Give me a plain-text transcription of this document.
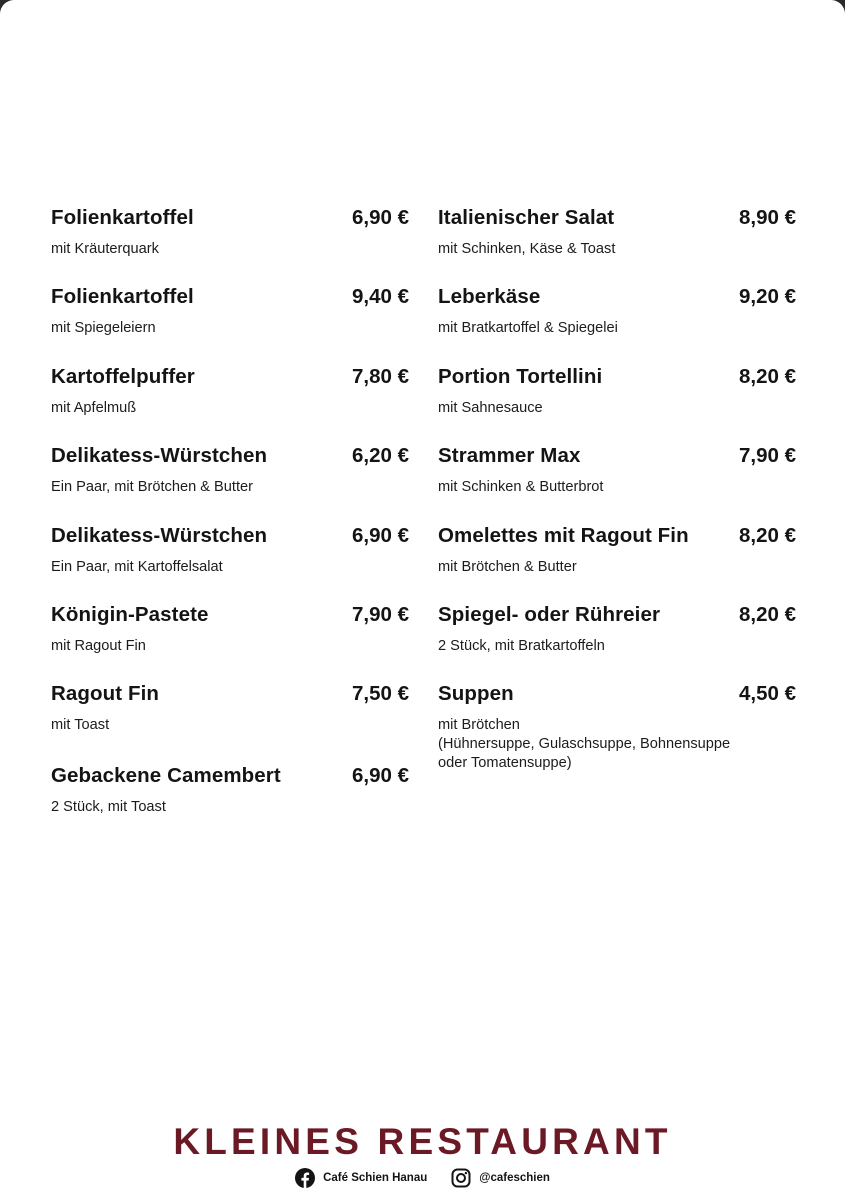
Folienkartoffel	6,90 €
mit Kräuterquark
Folienkartoffel	9,40 €
mit Spiegeleiern
Kartoffelpuffer	7,80 €
mit Apfelmuß
Delikatess-Würstchen	6,20 €
Ein Paar, mit Brötchen & Butter
Delikatess-Würstchen	6,90 €
Ein Paar, mit Kartoffelsalat
Königin-Pastete	7,90 €
mit Ragout Fin
Ragout Fin	7,50 €
mit Toast
Gebackene Camembert	6,90 €
2 Stück, mit Toast
Italienischer Salat	8,90 €
mit Schinken, Käse & Toast
Leberkäse	9,20 €
mit Bratkartoffel & Spiegelei
Portion Tortellini	8,20 €
mit Sahnesauce
Strammer Max	7,90 €
mit Schinken & Butterbrot
Omelettes mit Ragout Fin 8,20 €
mit Brötchen & Butter
Spiegel- oder Rühreier	8,20 €
2 Stück, mit Bratkartoffeln
Suppen	4,50 €
mit Brötchen
(Hühnersuppe, Gulaschsuppe, Bohnensuppe
oder Tomatensuppe)
KLEINES RESTAURANT
Café Schien Hanau	@cafeschien
